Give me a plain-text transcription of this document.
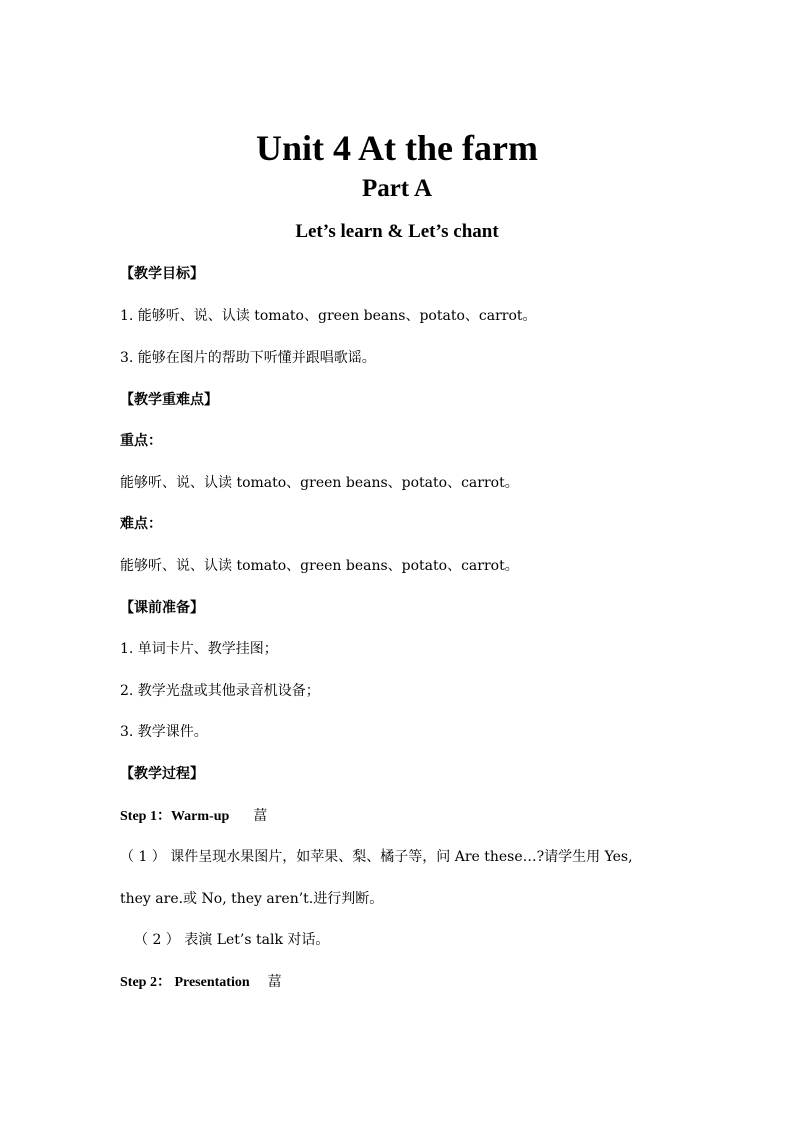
Unit 4 At the farm
Part A
Let’s learn & Let’s chant

【教学目标】

1. 能够听、说、认读 tomato、green beans、potato、carrot。

3. 能够在图片的帮助下听懂并跟唱歌谣。

【教学重难点】

重点：

能够听、说、认读 tomato、green beans、potato、carrot。

难点：

能够听、说、认读 tomato、green beans、potato、carrot。

【课前准备】

1. 单词卡片、教学挂图；

2. 教学光盘或其他录音机设备；

3. 教学课件。

【教学过程】

Step 1：Warm-up 葍

（ 1 ） 课件呈现水果图片，如苹果、梨、橘子等，问 Are these…?请学生用 Yes,

they are.或 No, they aren’t.进行判断。

（ 2 ） 表演 Let’s talk 对话。

Step 2： Presentation 葍
